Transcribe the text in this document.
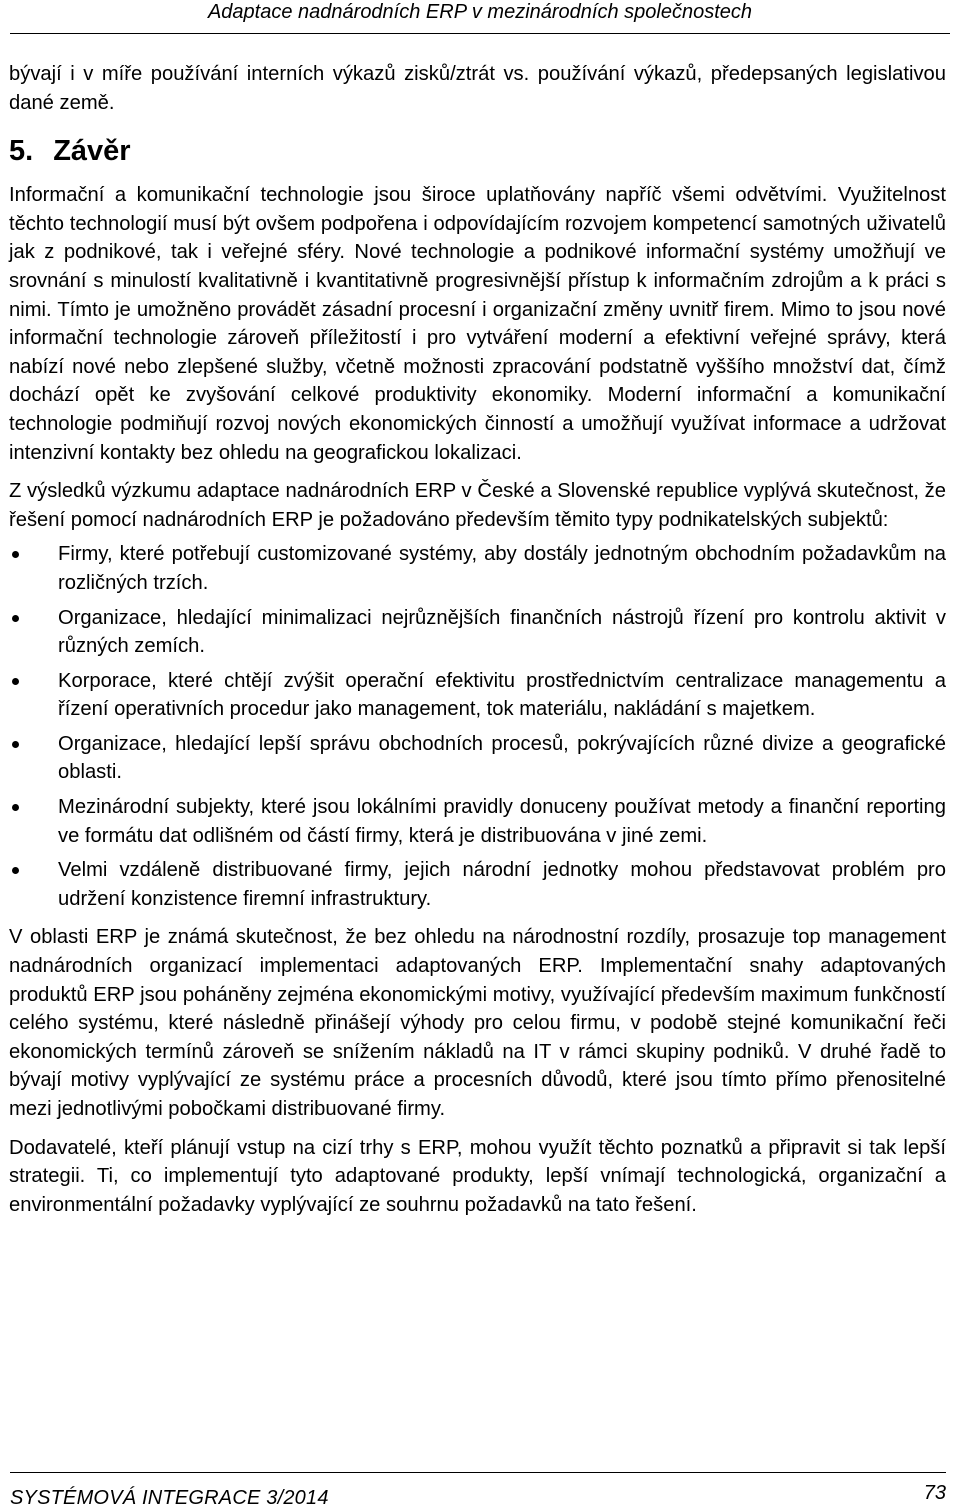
Adaptace nadnárodních ERP v mezinárodních společnostech

bývají i v míře používání interních výkazů zisků/ztrát vs. používání výkazů, předepsaných legislativou dané země.

5. Závěr

Informační a komunikační technologie jsou široce uplatňovány napříč všemi odvětvími. Využitelnost těchto technologií musí být ovšem podpořena i odpovídajícím rozvojem kompetencí samotných uživatelů jak z podnikové, tak i veřejné sféry. Nové technologie a podnikové informační systémy umožňují ve srovnání s minulostí kvalitativně i kvantitativně progresivnější přístup k informačním zdrojům a k práci s nimi. Tímto je umožněno provádět zásadní procesní i organizační změny uvnitř firem. Mimo to jsou nové informační technologie zároveň příležitostí i pro vytváření moderní a efektivní veřejné správy, která nabízí nové nebo zlepšené služby, včetně možnosti zpracování podstatně vyššího množství dat, čímž dochází opět ke zvyšování celkové produktivity ekonomiky. Moderní informační a komunikační technologie podmiňují rozvoj nových ekonomických činností a umožňují využívat informace a udržovat intenzivní kontakty bez ohledu na geografickou lokalizaci.

Z výsledků výzkumu adaptace nadnárodních ERP v České a Slovenské republice vyplývá skutečnost, že řešení pomocí nadnárodních ERP je požadováno především těmito typy podnikatelských subjektů:

Firmy, které potřebují customizované systémy, aby dostály jednotným obchodním požadavkům na rozličných trzích.
Organizace, hledající minimalizaci nejrůznějších finančních nástrojů řízení pro kontrolu aktivit v různých zemích.
Korporace, které chtějí zvýšit operační efektivitu prostřednictvím centralizace managementu a řízení operativních procedur jako management, tok materiálu, nakládání s majetkem.
Organizace, hledající lepší správu obchodních procesů, pokrývajících různé divize a geografické oblasti.
Mezinárodní subjekty, které jsou lokálními pravidly donuceny používat metody a finanční reporting ve formátu dat odlišném od částí firmy, která je distribuována v jiné zemi.
Velmi vzdáleně distribuované firmy, jejich národní jednotky mohou představovat problém pro udržení konzistence firemní infrastruktury.

V oblasti ERP je známá skutečnost, že bez ohledu na národnostní rozdíly, prosazuje top management nadnárodních organizací implementaci adaptovaných ERP. Implementační snahy adaptovaných produktů ERP jsou poháněny zejména ekonomickými motivy, využívající především maximum funkčností celého systému, které následně přinášejí výhody pro celou firmu, v podobě stejné komunikační řeči ekonomických termínů zároveň se snížením nákladů na IT v rámci skupiny podniků. V druhé řadě to bývají motivy vyplývající ze systému práce a procesních důvodů, které jsou tímto přímo přenositelné mezi jednotlivými pobočkami distribuované firmy.

Dodavatelé, kteří plánují vstup na cizí trhy s ERP, mohou využít těchto poznatků a připravit si tak lepší strategii. Ti, co implementují tyto adaptované produkty, lepší vnímají technologická, organizační a environmentální požadavky vyplývající ze souhrnu požadavků na tato řešení.

SYSTÉMOVÁ INTEGRACE 3/2014	73
